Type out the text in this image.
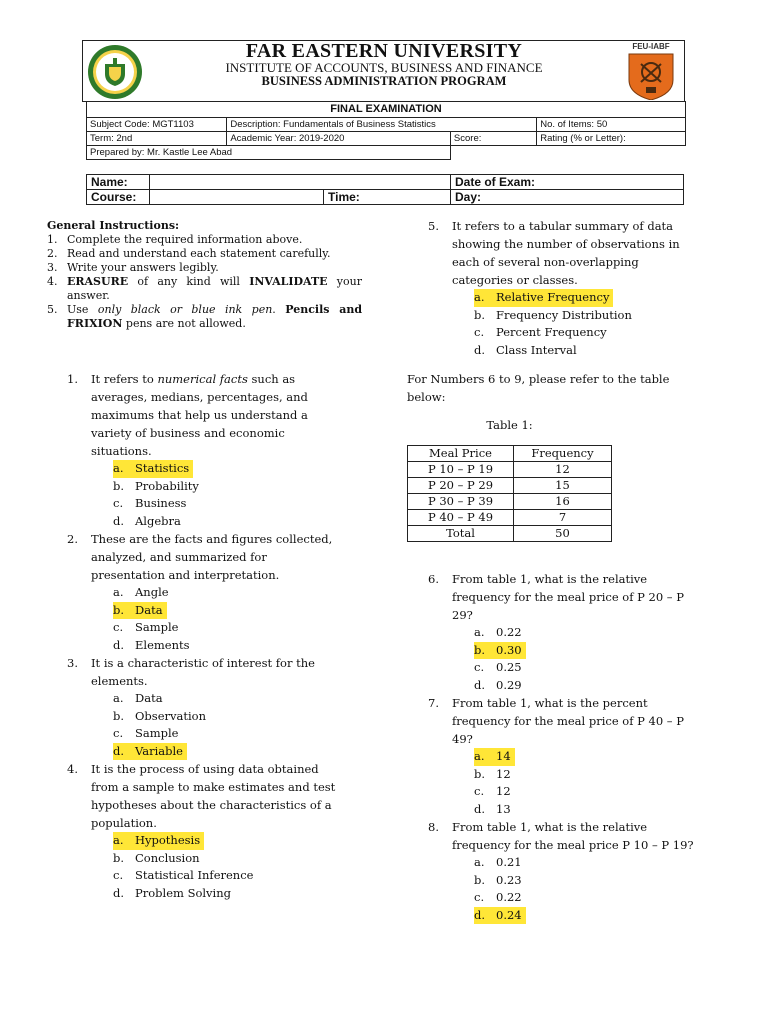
FAR EASTERN UNIVERSITY
INSTITUTE OF ACCOUNTS, BUSINESS AND FINANCE
BUSINESS ADMINISTRATION PROGRAM
FEU-IABF
FINAL EXAMINATION			
Subject Code: MGT1103	Description: Fundamentals of Business Statistics		No. of Items: 50
Term: 2nd	Academic Year: 2019-2020	Score:	Rating (% or Letter):
Prepared by: Mr. Kastle Lee Abad			
Name:			Date of Exam:
Course:		Time:	Day:
General Instructions:
1. Complete the required information above.
2. Read and understand each statement carefully.
3. Write your answers legibly.
4. ERASURE of any kind will INVALIDATE your answer.
5. Use only black or blue ink pen. Pencils and FRIXION pens are not allowed.
1.	It refers to numerical facts such as
averages, medians, percentages, and
maximums that help us understand a
variety of business and economic
situations.
a. Statistics
b. Probability
c. Business
d. Algebra
2.	These are the facts and figures collected,
analyzed, and summarized for
presentation and interpretation.
a. Angle
b. Data
c. Sample
d. Elements
3.	It is a characteristic of interest for the
elements.
a. Data
b. Observation
c. Sample
d. Variable
4.	It is the process of using data obtained
from a sample to make estimates and test
hypotheses about the characteristics of a
population.
a. Hypothesis
b. Conclusion
c. Statistical Inference
d. Problem Solving
5.	It refers to a tabular summary of data
showing the number of observations in
each of several non-overlapping
categories or classes.
a. Relative Frequency
b. Frequency Distribution
c. Percent Frequency
d. Class Interval
For Numbers 6 to 9, please refer to the table
below:
Table 1:
Meal Price	Frequency
P 10 – P 19	12
P 20 – P 29	15
P 30 – P 39	16
P 40 – P 49	7
Total	50
6.	From table 1, what is the relative
frequency for the meal price of P 20 – P
29?
a. 0.22
b. 0.30
c. 0.25
d. 0.29
7.	From table 1, what is the percent
frequency for the meal price of P 40 – P
49?
a. 14
b. 12
c. 12
d. 13
8.	From table 1, what is the relative
frequency for the meal price P 10 – P 19?
a. 0.21
b. 0.23
c. 0.22
d. 0.24
